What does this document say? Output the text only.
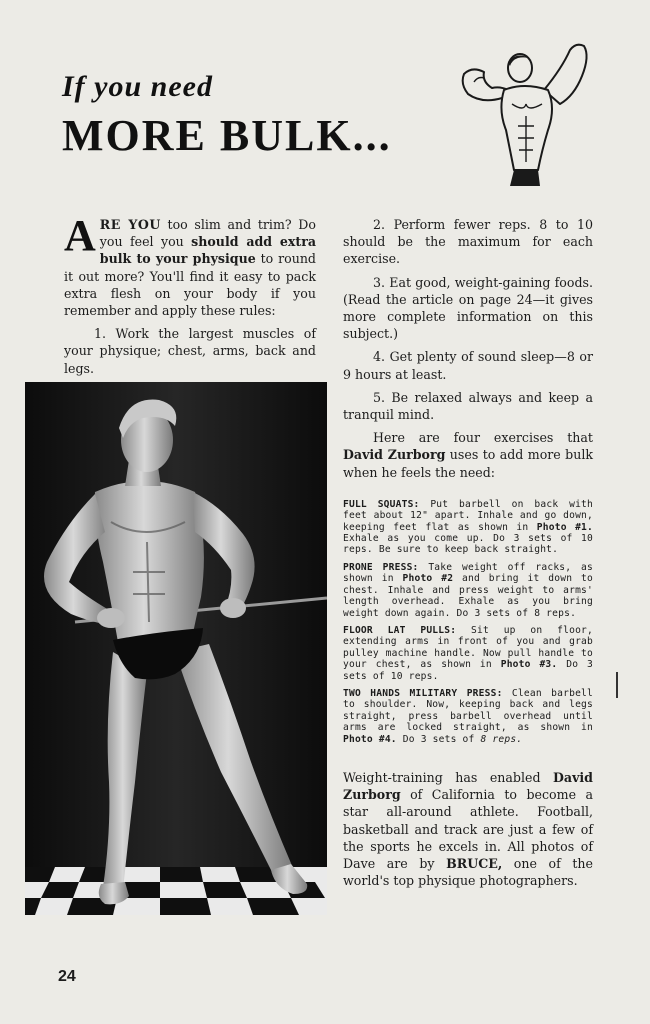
If you need
MORE BULK...

ARE YOU too slim and trim? Do you feel you should add extra bulk to your physique to round it out more? You'll find it easy to pack extra flesh on your body if you remember and apply these rules:

1. Work the largest muscles of your physique; chest, arms, back and legs.

2. Perform fewer reps. 8 to 10 should be the maximum for each exercise.

3. Eat good, weight-gaining foods. (Read the article on page 24—it gives more complete information on this subject.)

4. Get plenty of sound sleep—8 or 9 hours at least.

5. Be relaxed always and keep a tranquil mind.

Here are four exercises that David Zurborg uses to add more bulk when he feels the need:

FULL SQUATS: Put barbell on back with feet about 12" apart. Inhale and go down, keeping feet flat as shown in Photo #1. Exhale as you come up. Do 3 sets of 10 reps. Be sure to keep back straight.

PRONE PRESS: Take weight off racks, as shown in Photo #2 and bring it down to chest. Inhale and press weight to arms' length overhead. Exhale as you bring weight down again. Do 3 sets of 8 reps.

FLOOR LAT PULLS: Sit up on floor, extending arms in front of you and grab pulley machine handle. Now pull handle to your chest, as shown in Photo #3. Do 3 sets of 10 reps.

TWO HANDS MILITARY PRESS: Clean barbell to shoulder. Now, keeping back and legs straight, press barbell overhead until arms are locked straight, as shown in Photo #4. Do 3 sets of 8 reps.

Weight-training has enabled David Zurborg of California to become a star all-around athlete. Football, basketball and track are just a few of the sports he excels in. All photos of Dave are by BRUCE, one of the world's top physique photographers.

24
